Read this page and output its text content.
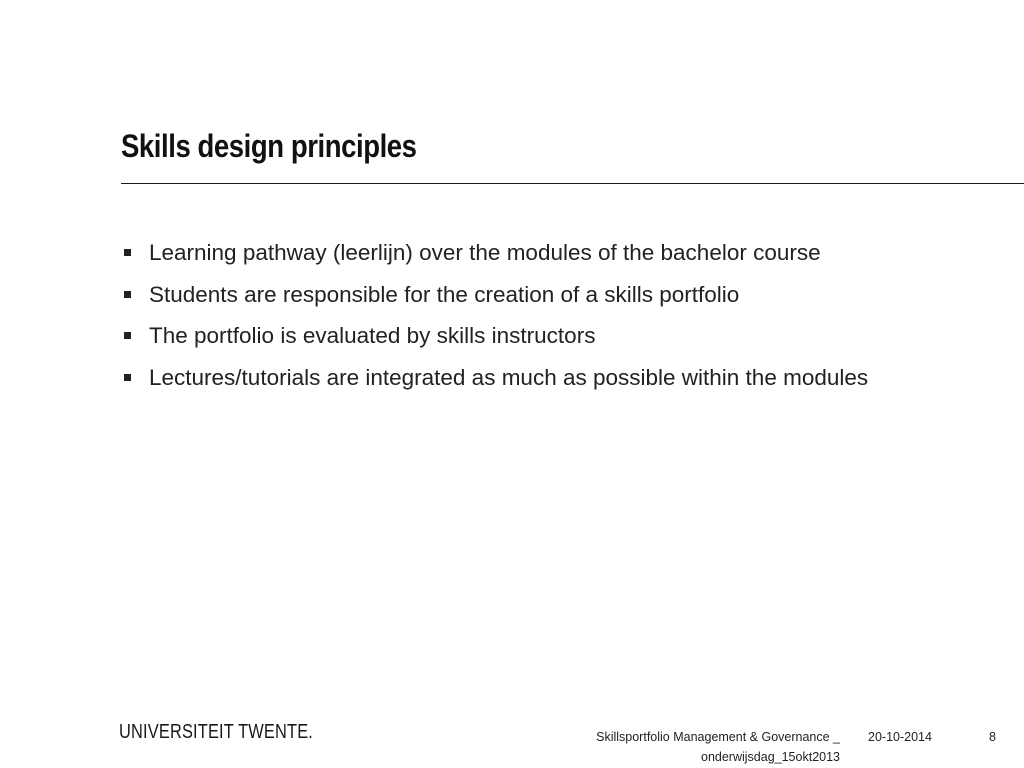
Skills design principles
Learning pathway (leerlijn) over the modules of the bachelor course
Students are responsible for the creation of a skills portfolio
The portfolio is evaluated by skills instructors
Lectures/tutorials are integrated as much as possible within the modules
UNIVERSITEIT TWENTE.	Skillsportfolio Management & Governance _
onderwijsdag_15okt2013
20-10-2014	8
